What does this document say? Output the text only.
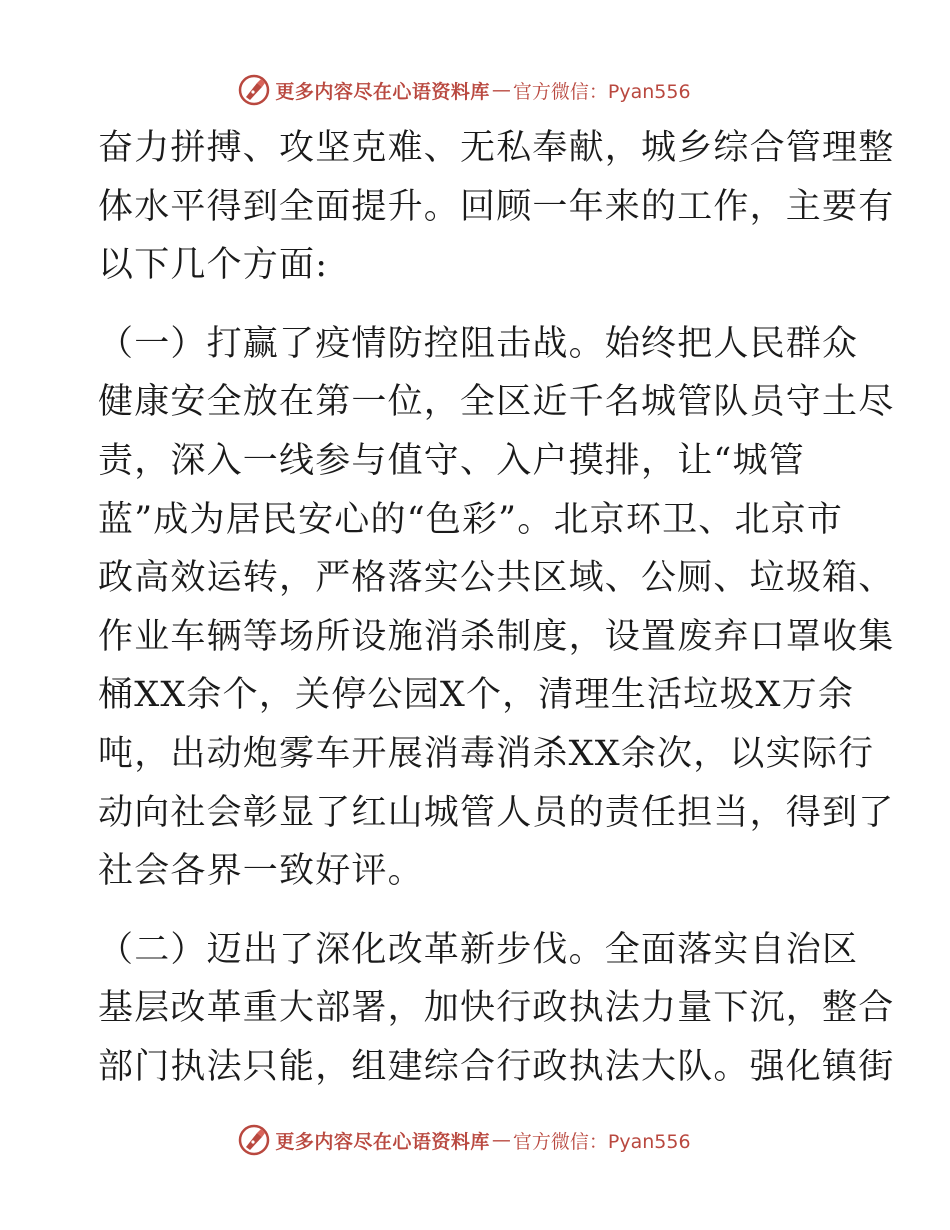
更多内容尽在心语资料库 — 官方微信：Pyan556
奋力拼搏、攻坚克难、无私奉献，城乡综合管理整
体水平得到全面提升。回顾一年来的工作，主要有
以下几个方面:
（一）打赢了疫情防控阻击战。始终把人民群众
健康安全放在第一位，全区近千名城管队员守土尽
责，深入一线参与值守、入户摸排，让“城管
蓝”成为居民安心的“色彩”。北京环卫、北京市
政高效运转，严格落实公共区域、公厕、垃圾箱、
作业车辆等场所设施消杀制度，设置废弃口罩收集
桶XX余个，关停公园X个，清理生活垃圾X万余
吨，出动炮雾车开展消毒消杀XX余次，以实际行
动向社会彰显了红山城管人员的责任担当，得到了
社会各界一致好评。
（二）迈出了深化改革新步伐。全面落实自治区
基层改革重大部署，加快行政执法力量下沉，整合
部门执法只能，组建综合行政执法大队。强化镇街
更多内容尽在心语资料库 — 官方微信：Pyan556
